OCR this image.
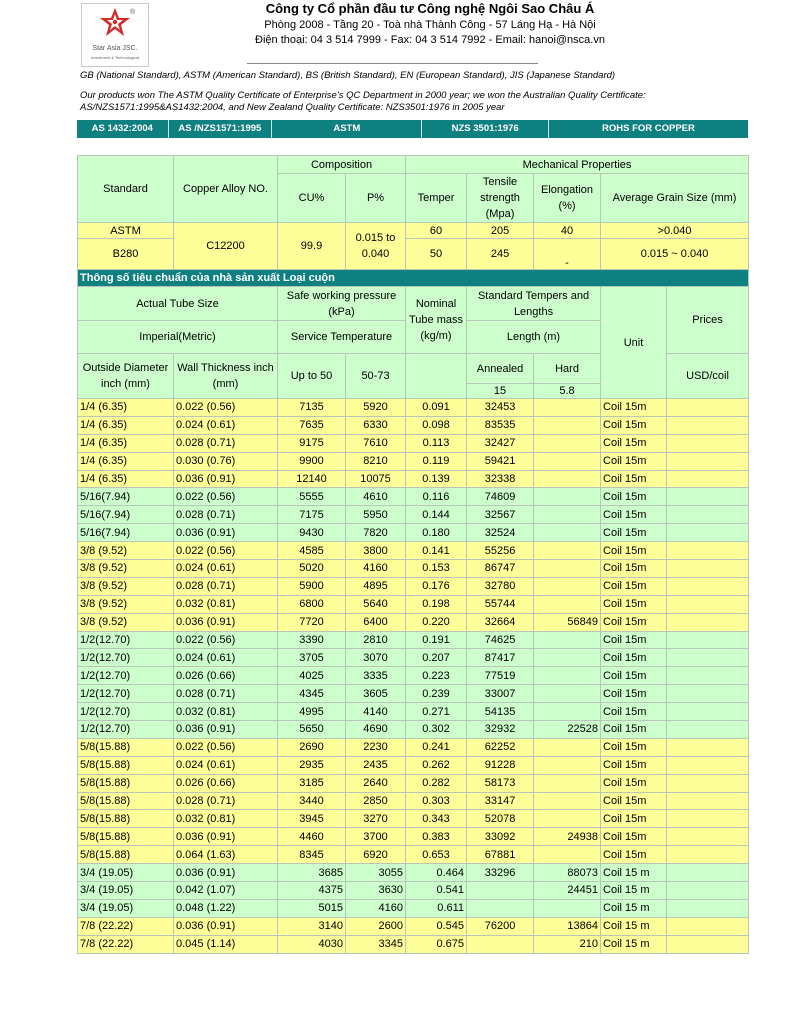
®
Star Asia JSC.
Investment & Technological
Công ty Cổ phần đầu tư Công nghệ Ngôi Sao Châu Á
Phòng 2008 - Tầng 20 - Toà nhà Thành Công - 57 Láng Hạ - Hà Nội
Điện thoại: 04 3 514 7999 - Fax: 04 3 514 7992 - Email: hanoi@nsca.vn
GB (National Standard), ASTM (American Standard), BS (British Standard), EN (European Standard), JIS (Japanese Standard)
Our products won The ASTM Quality Certificate of Enterprise’s QC Department in 2000 year; we won the Australian Quality Certificate: AS/NZS1571:1995&AS1432:2004, and New Zealand Quality Certificate: NZS3501:1976 in 2005 year
AS 1432:2004	AS /NZS1571:1995	ASTM	NZS 3501:1976	ROHS FOR COPPER
Standard	Copper Alloy NO.	Composition		Mechanical Properties				
		CU%	P%	Temper	Tensile strength (Mpa)	Elongation (%)	Average Grain Size (mm)	

ASTM	C12200	99.9	0.015 to 0.040	60	205	40	>0.040	
B280				50	245	-	0.015 ~ 0.040	
Thông số tiêu chuẩn của nhà sản xuất Loại cuộn								
Actual Tube Size		Safe working pressure (kPa)		Nominal Tube mass (kg/m)	Standard Tempers and Lengths		Unit	Prices
Imperial(Metric)		Service Temperature			Length (m)			
Outside Diameter inch (mm)	Wall Thickness inch (mm)	Up to 50	50-73		Annealed	Hard		USD/coil
					15	5.8		
1/4 (6.35)	0.022 (0.56)	7135	5920	0.091	32453		Coil 15m	
1/4 (6.35)	0.024 (0.61)	7635	6330	0.098	83535		Coil 15m	
1/4 (6.35)	0.028 (0.71)	9175	7610	0.113	32427		Coil 15m	
1/4 (6.35)	0.030 (0.76)	9900	8210	0.119	59421		Coil 15m	
1/4 (6.35)	0.036 (0.91)	12140	10075	0.139	32338		Coil 15m	
5/16(7.94)	0.022 (0.56)	5555	4610	0.116	74609		Coil 15m	
5/16(7.94)	0.028 (0.71)	7175	5950	0.144	32567		Coil 15m	
5/16(7.94)	0.036 (0.91)	9430	7820	0.180	32524		Coil 15m	
3/8 (9.52)	0.022 (0.56)	4585	3800	0.141	55256		Coil 15m	
3/8 (9.52)	0.024 (0.61)	5020	4160	0.153	86747		Coil 15m	
3/8 (9.52)	0.028 (0.71)	5900	4895	0.176	32780		Coil 15m	
3/8 (9.52)	0.032 (0.81)	6800	5640	0.198	55744		Coil 15m	
3/8 (9.52)	0.036 (0.91)	7720	6400	0.220	32664	56849	Coil 15m	
1/2(12.70)	0.022 (0.56)	3390	2810	0.191	74625		Coil 15m	
1/2(12.70)	0.024 (0.61)	3705	3070	0.207	87417		Coil 15m	
1/2(12.70)	0.026 (0.66)	4025	3335	0.223	77519		Coil 15m	
1/2(12.70)	0.028 (0.71)	4345	3605	0.239	33007		Coil 15m	
1/2(12.70)	0.032 (0.81)	4995	4140	0.271	54135		Coil 15m	
1/2(12.70)	0.036 (0.91)	5650	4690	0.302	32932	22528	Coil 15m	
5/8(15.88)	0.022 (0.56)	2690	2230	0.241	62252		Coil 15m	
5/8(15.88)	0.024 (0.61)	2935	2435	0.262	91228		Coil 15m	
5/8(15.88)	0.026 (0.66)	3185	2640	0.282	58173		Coil 15m	
5/8(15.88)	0.028 (0.71)	3440	2850	0.303	33147		Coil 15m	
5/8(15.88)	0.032 (0.81)	3945	3270	0.343	52078		Coil 15m	
5/8(15.88)	0.036 (0.91)	4460	3700	0.383	33092	24938	Coil 15m	
5/8(15.88)	0.064 (1.63)	8345	6920	0.653	67881		Coil 15m	
3/4 (19.05)	0.036 (0.91)	3685	3055	0.464	33296	88073	Coil 15 m	
3/4 (19.05)	0.042 (1.07)	4375	3630	0.541		24451	Coil 15 m	
3/4 (19.05)	0.048 (1.22)	5015	4160	0.611			Coil 15 m	
7/8 (22.22)	0.036 (0.91)	3140	2600	0.545	76200	13864	Coil 15 m	
7/8 (22.22)	0.045 (1.14)	4030	3345	0.675		210	Coil 15 m	
